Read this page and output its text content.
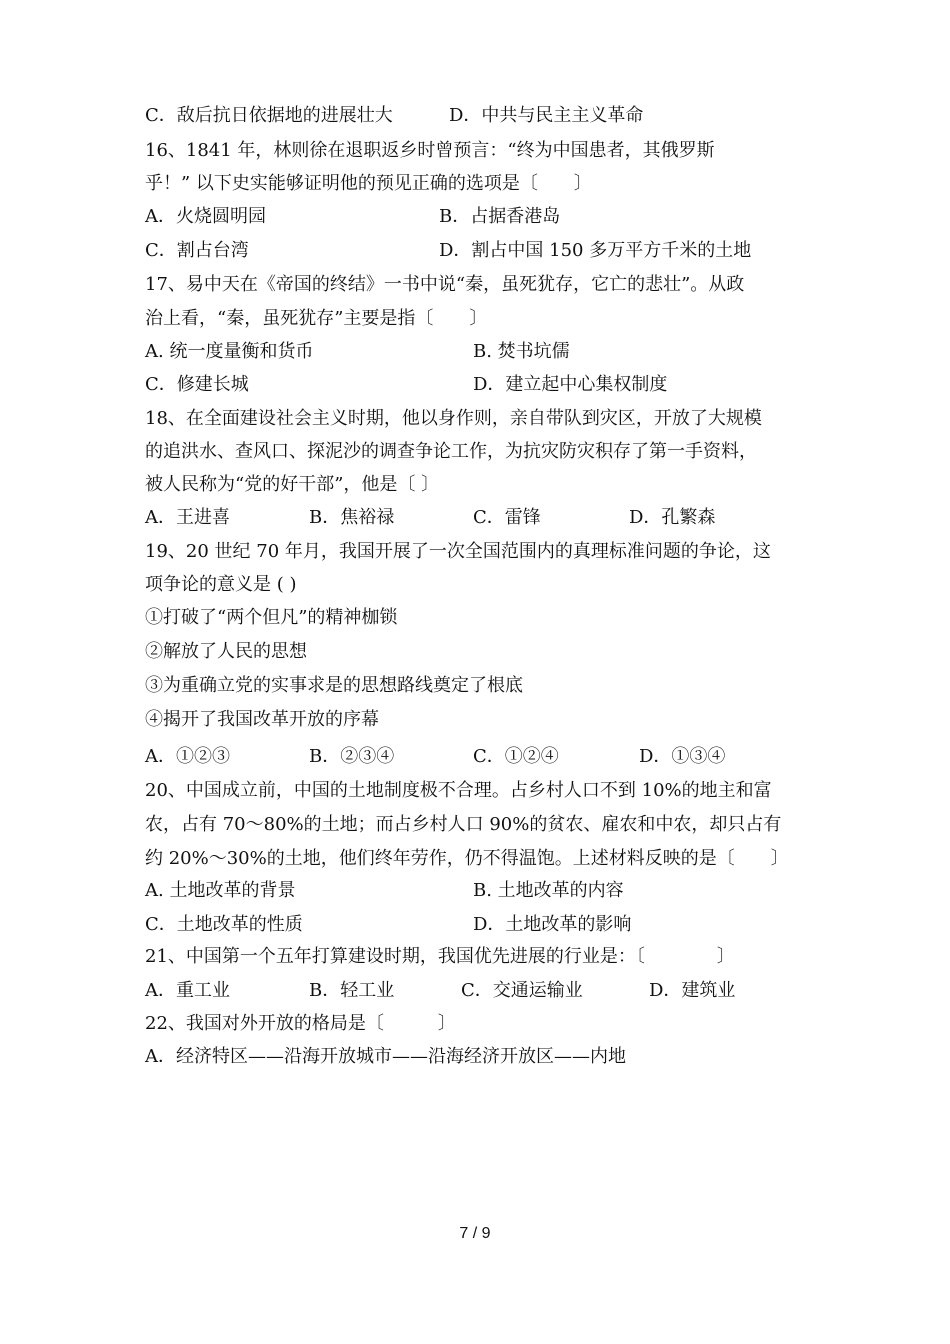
C．敌后抗日依据地的进展壮大	D．中共与民主主义革命
16、1841 年，林则徐在退职返乡时曾预言：“终为中国患者，其俄罗斯
乎！” 以下史实能够证明他的预见正确的选项是〔　　〕
A．火烧圆明园	B．占据香港岛
C．割占台湾	D．割占中国 150 多万平方千米的土地
17、易中天在《帝国的终结》一书中说“秦，虽死犹存，它亡的悲壮”。从政
治上看，“秦，虽死犹存”主要是指〔　　〕
A. 统一度量衡和货币	B. 焚书坑儒
C．修建长城	D．建立起中心集权制度
18、在全面建设社会主义时期，他以身作则，亲自带队到灾区，开放了大规模
的追洪水、查风口、探泥沙的调查争论工作，为抗灾防灾积存了第一手资料，
被人民称为“党的好干部”，他是〔 〕
A．王进喜	B．焦裕禄	C．雷锋	D．孔繁森
19、20 世纪 70 年月，我国开展了一次全国范围内的真理标准问题的争论，这
项争论的意义是 ( )
①打破了“两个但凡”的精神枷锁
②解放了人民的思想
③为重确立党的实事求是的思想路线奠定了根底
④揭开了我国改革开放的序幕
A．①②③	B．②③④	C．①②④	D．①③④
20、中国成立前，中国的土地制度极不合理。占乡村人口不到 10%的地主和富
农，占有 70～80%的土地；而占乡村人口 90%的贫农、雇农和中农，却只占有
约 20%～30%的土地，他们终年劳作，仍不得温饱。上述材料反映的是〔　　〕
A. 土地改革的背景	B. 土地改革的内容
C．土地改革的性质	D．土地改革的影响
21、中国第一个五年打算建设时期，我国优先进展的行业是：〔　　　　〕
A．重工业	B．轻工业	C．交通运输业	D．建筑业
22、我国对外开放的格局是〔　　　〕
A．经济特区——沿海开放城市——沿海经济开放区——内地
7 / 9
